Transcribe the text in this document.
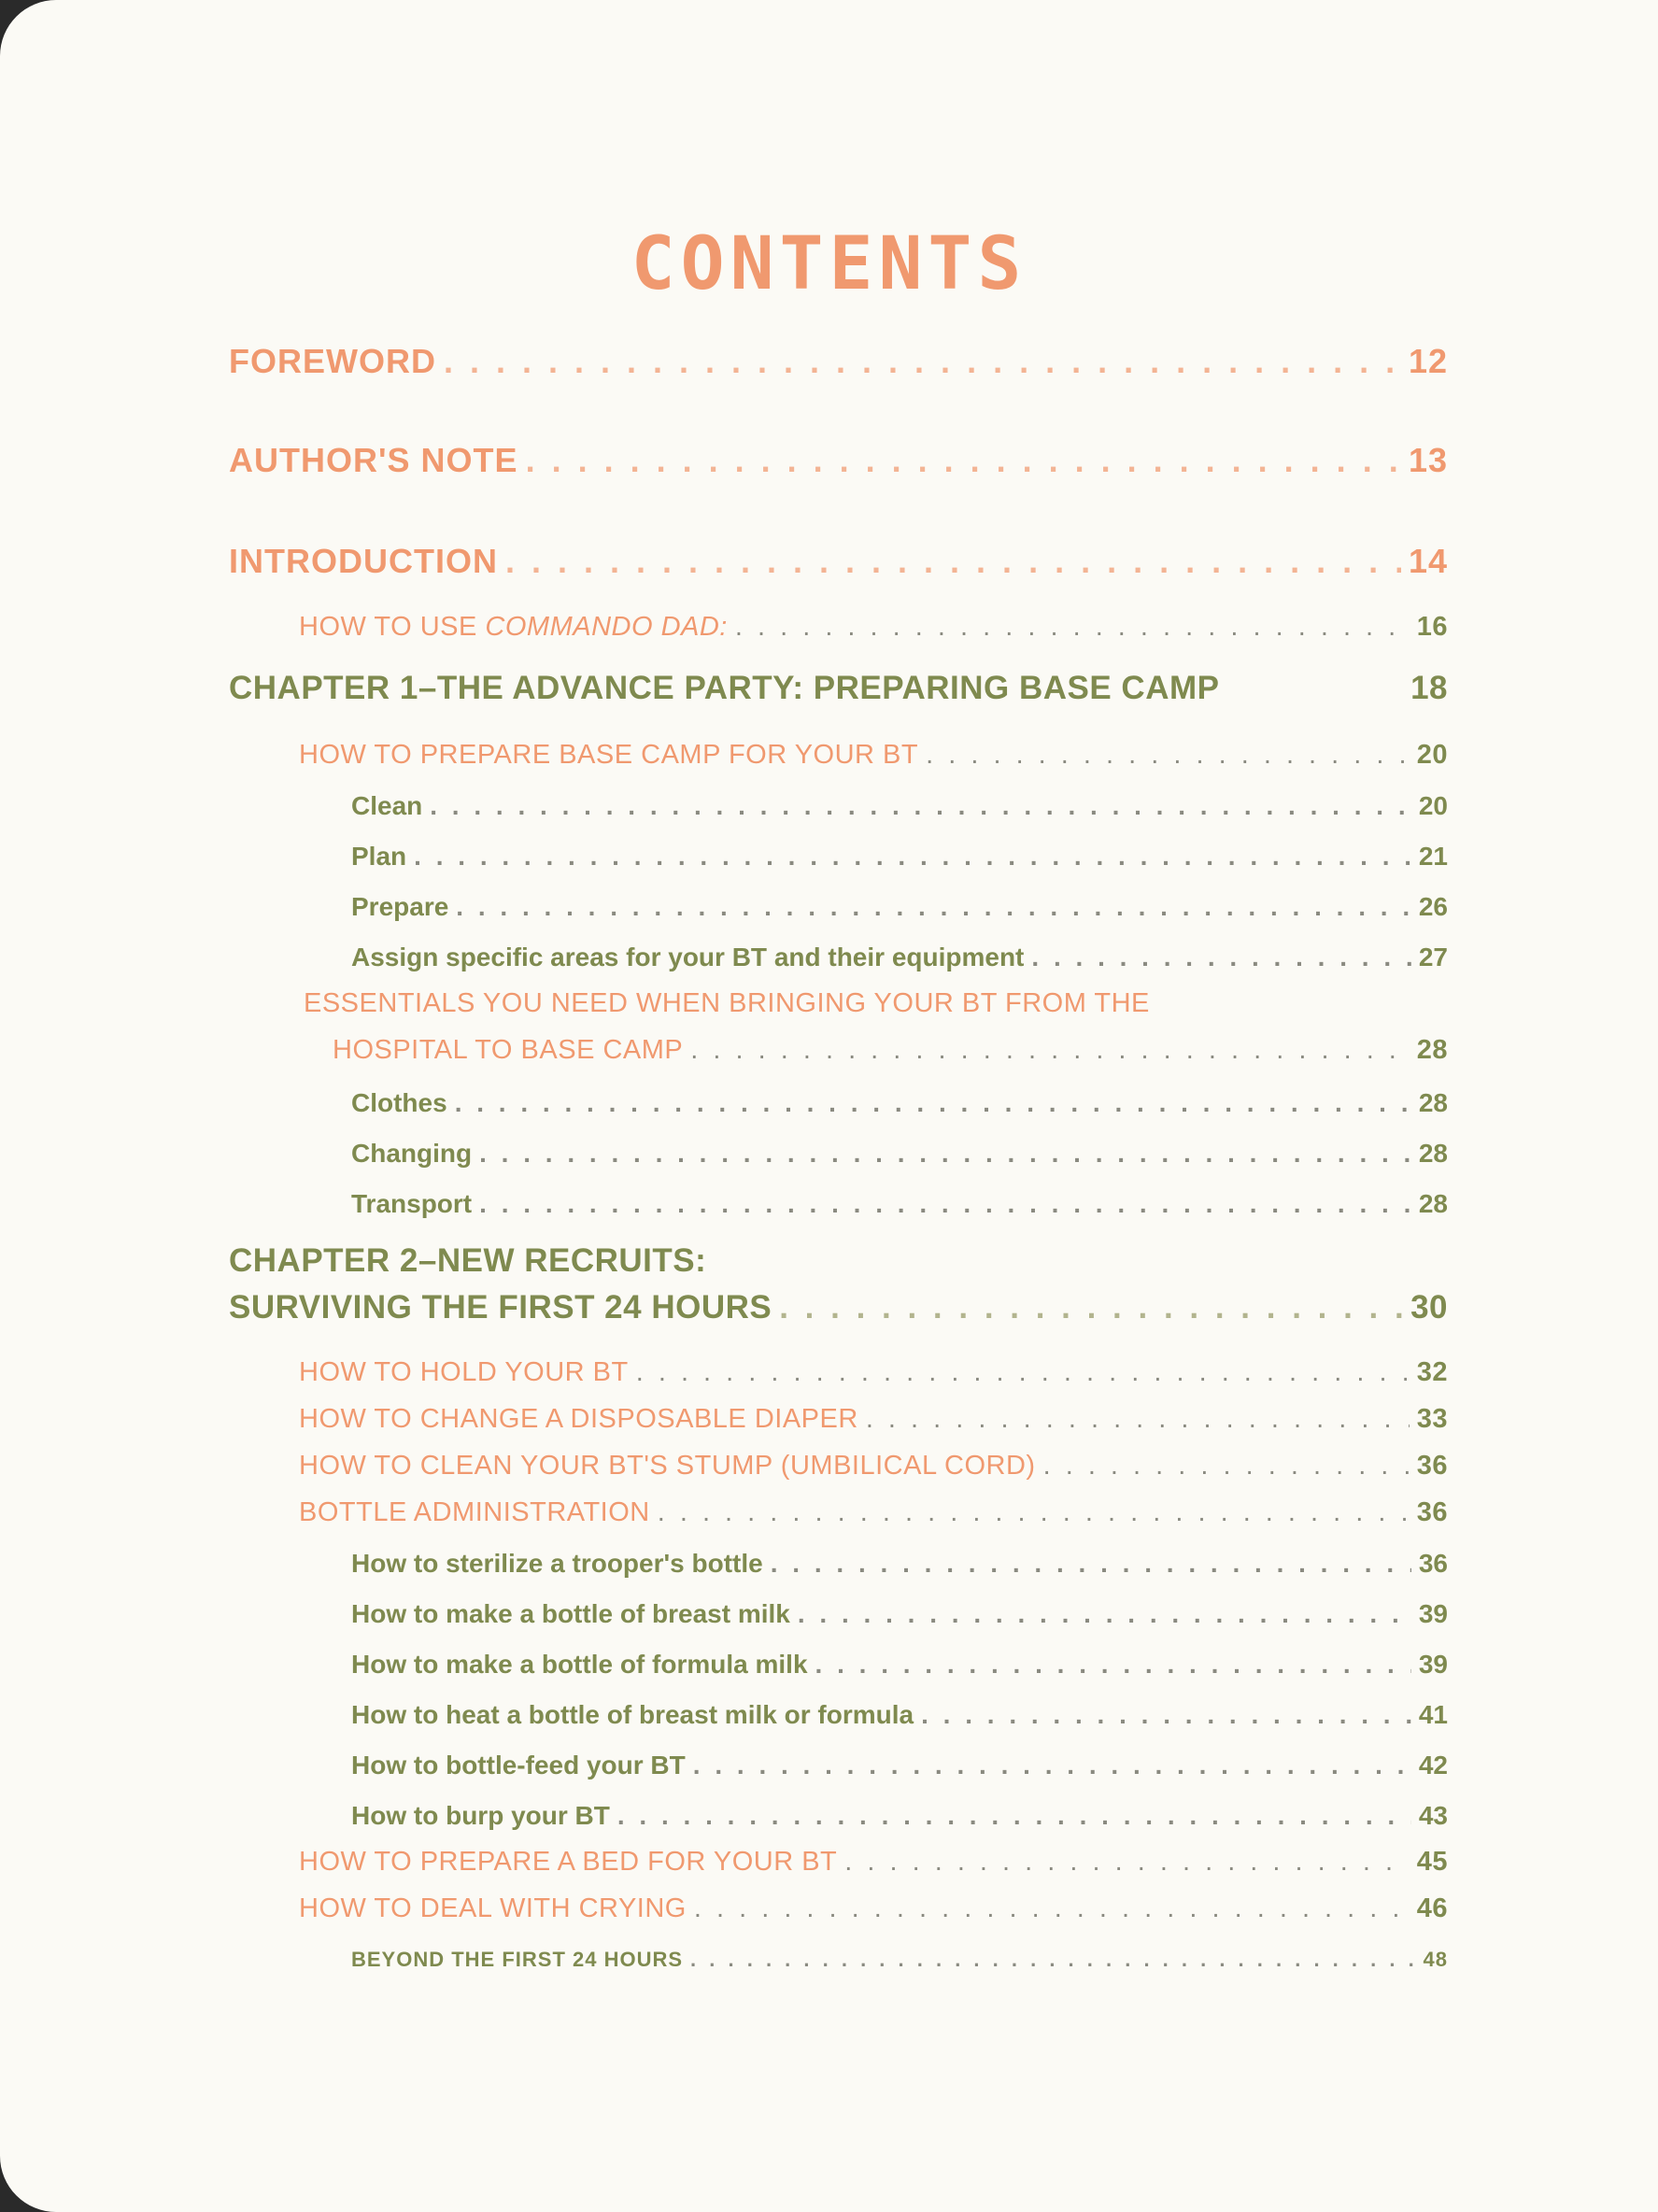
CONTENTS
FOREWORD . . .	12
AUTHOR'S NOTE . . .	13
INTRODUCTION . . .	14
HOW TO USE COMMANDO DAD: . . .	16
CHAPTER 1–THE ADVANCE PARTY: PREPARING BASE CAMP	18
HOW TO PREPARE BASE CAMP FOR YOUR BT . . .	20
Clean . . .	20
Plan . . .	21
Prepare . . .	26
Assign specific areas for your BT and their equipment . . .	27
ESSENTIALS YOU NEED WHEN BRINGING YOUR BT FROM THE
HOSPITAL TO BASE CAMP . . .	28
Clothes . . .	28
Changing . . .	28
Transport . . .	28
CHAPTER 2–NEW RECRUITS:
SURVIVING THE FIRST 24 HOURS . . .	30
HOW TO HOLD YOUR BT . . .	32
HOW TO CHANGE A DISPOSABLE DIAPER . . .	33
HOW TO CLEAN YOUR BT'S STUMP (UMBILICAL CORD) . . .	36
BOTTLE ADMINISTRATION . . .	36
How to sterilize a trooper's bottle . . .	36
How to make a bottle of breast milk . . .	39
How to make a bottle of formula milk . . .	39
How to heat a bottle of breast milk or formula . . .	41
How to bottle-feed your BT . . .	42
How to burp your BT . . .	43
HOW TO PREPARE A BED FOR YOUR BT . . .	45
HOW TO DEAL WITH CRYING . . .	46
BEYOND THE FIRST 24 HOURS . . .	48
